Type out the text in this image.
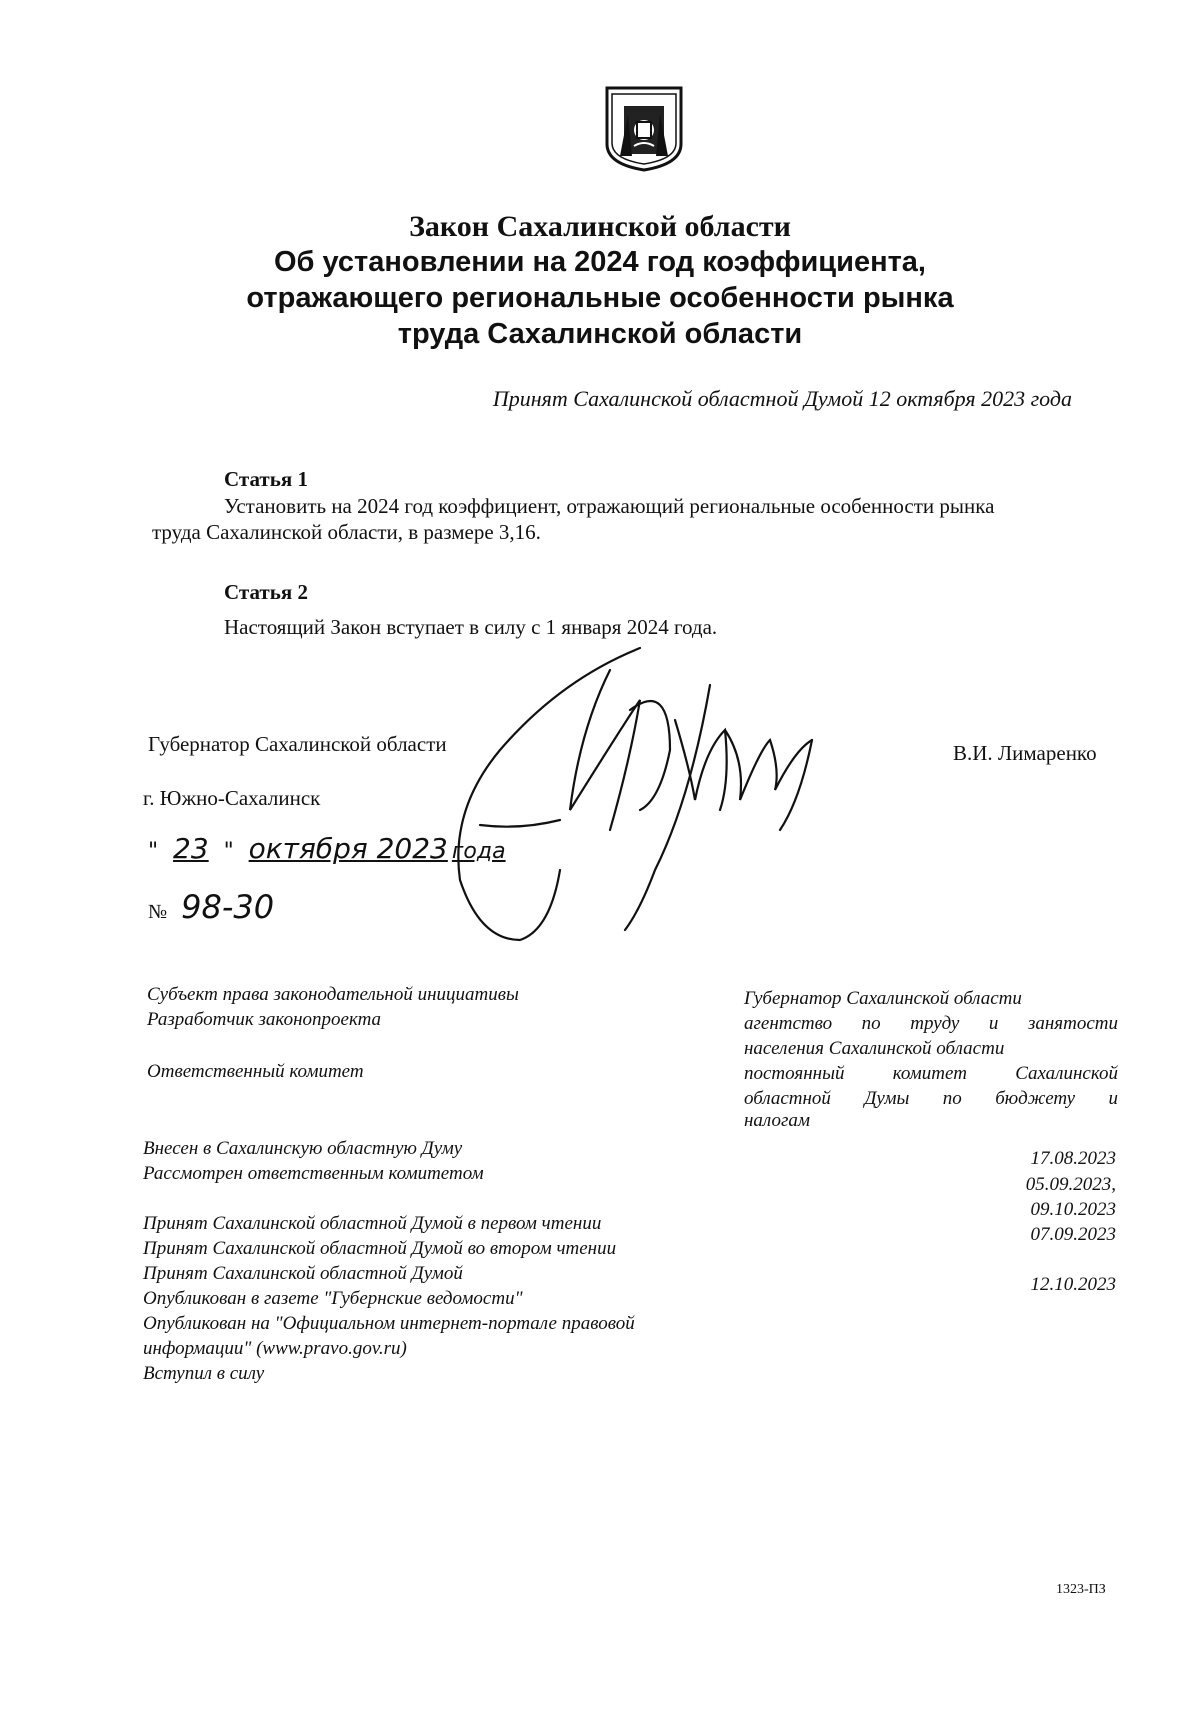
Закон Сахалинской области
Об установлении на 2024 год коэффициента,
отражающего региональные особенности рынка
труда Сахалинской области
Принят Сахалинской областной Думой 12 октября 2023 года
Статья 1
Установить на 2024 год коэффициент, отражающий региональные особенности рынка
труда Сахалинской области, в размере 3,16.
Статья 2
Настоящий Закон вступает в силу с 1 января 2024 года.
Губернатор Сахалинской области	В.И. Лимаренко
г. Южно-Сахалинск
" 23 " октября 2023 года
№ 98-30
Субъект права законодательной инициативы
Разработчик законопроекта
Ответственный комитет
Губернатор Сахалинской области
агентство по труду и занятости
населения Сахалинской области
постоянный комитет Сахалинской
областной Думы по бюджету и
налогам
Внесен в Сахалинскую областную Думу
Рассмотрен ответственным комитетом
Принят Сахалинской областной Думой в первом чтении
Принят Сахалинской областной Думой во втором чтении
Принят Сахалинской областной Думой
Опубликован в газете "Губернские ведомости"
Опубликован на "Официальном интернет-портале правовой
информации" (www.pravo.gov.ru)
Вступил в силу
17.08.2023
05.09.2023,
09.10.2023
07.09.2023
12.10.2023
1323-ПЗ
